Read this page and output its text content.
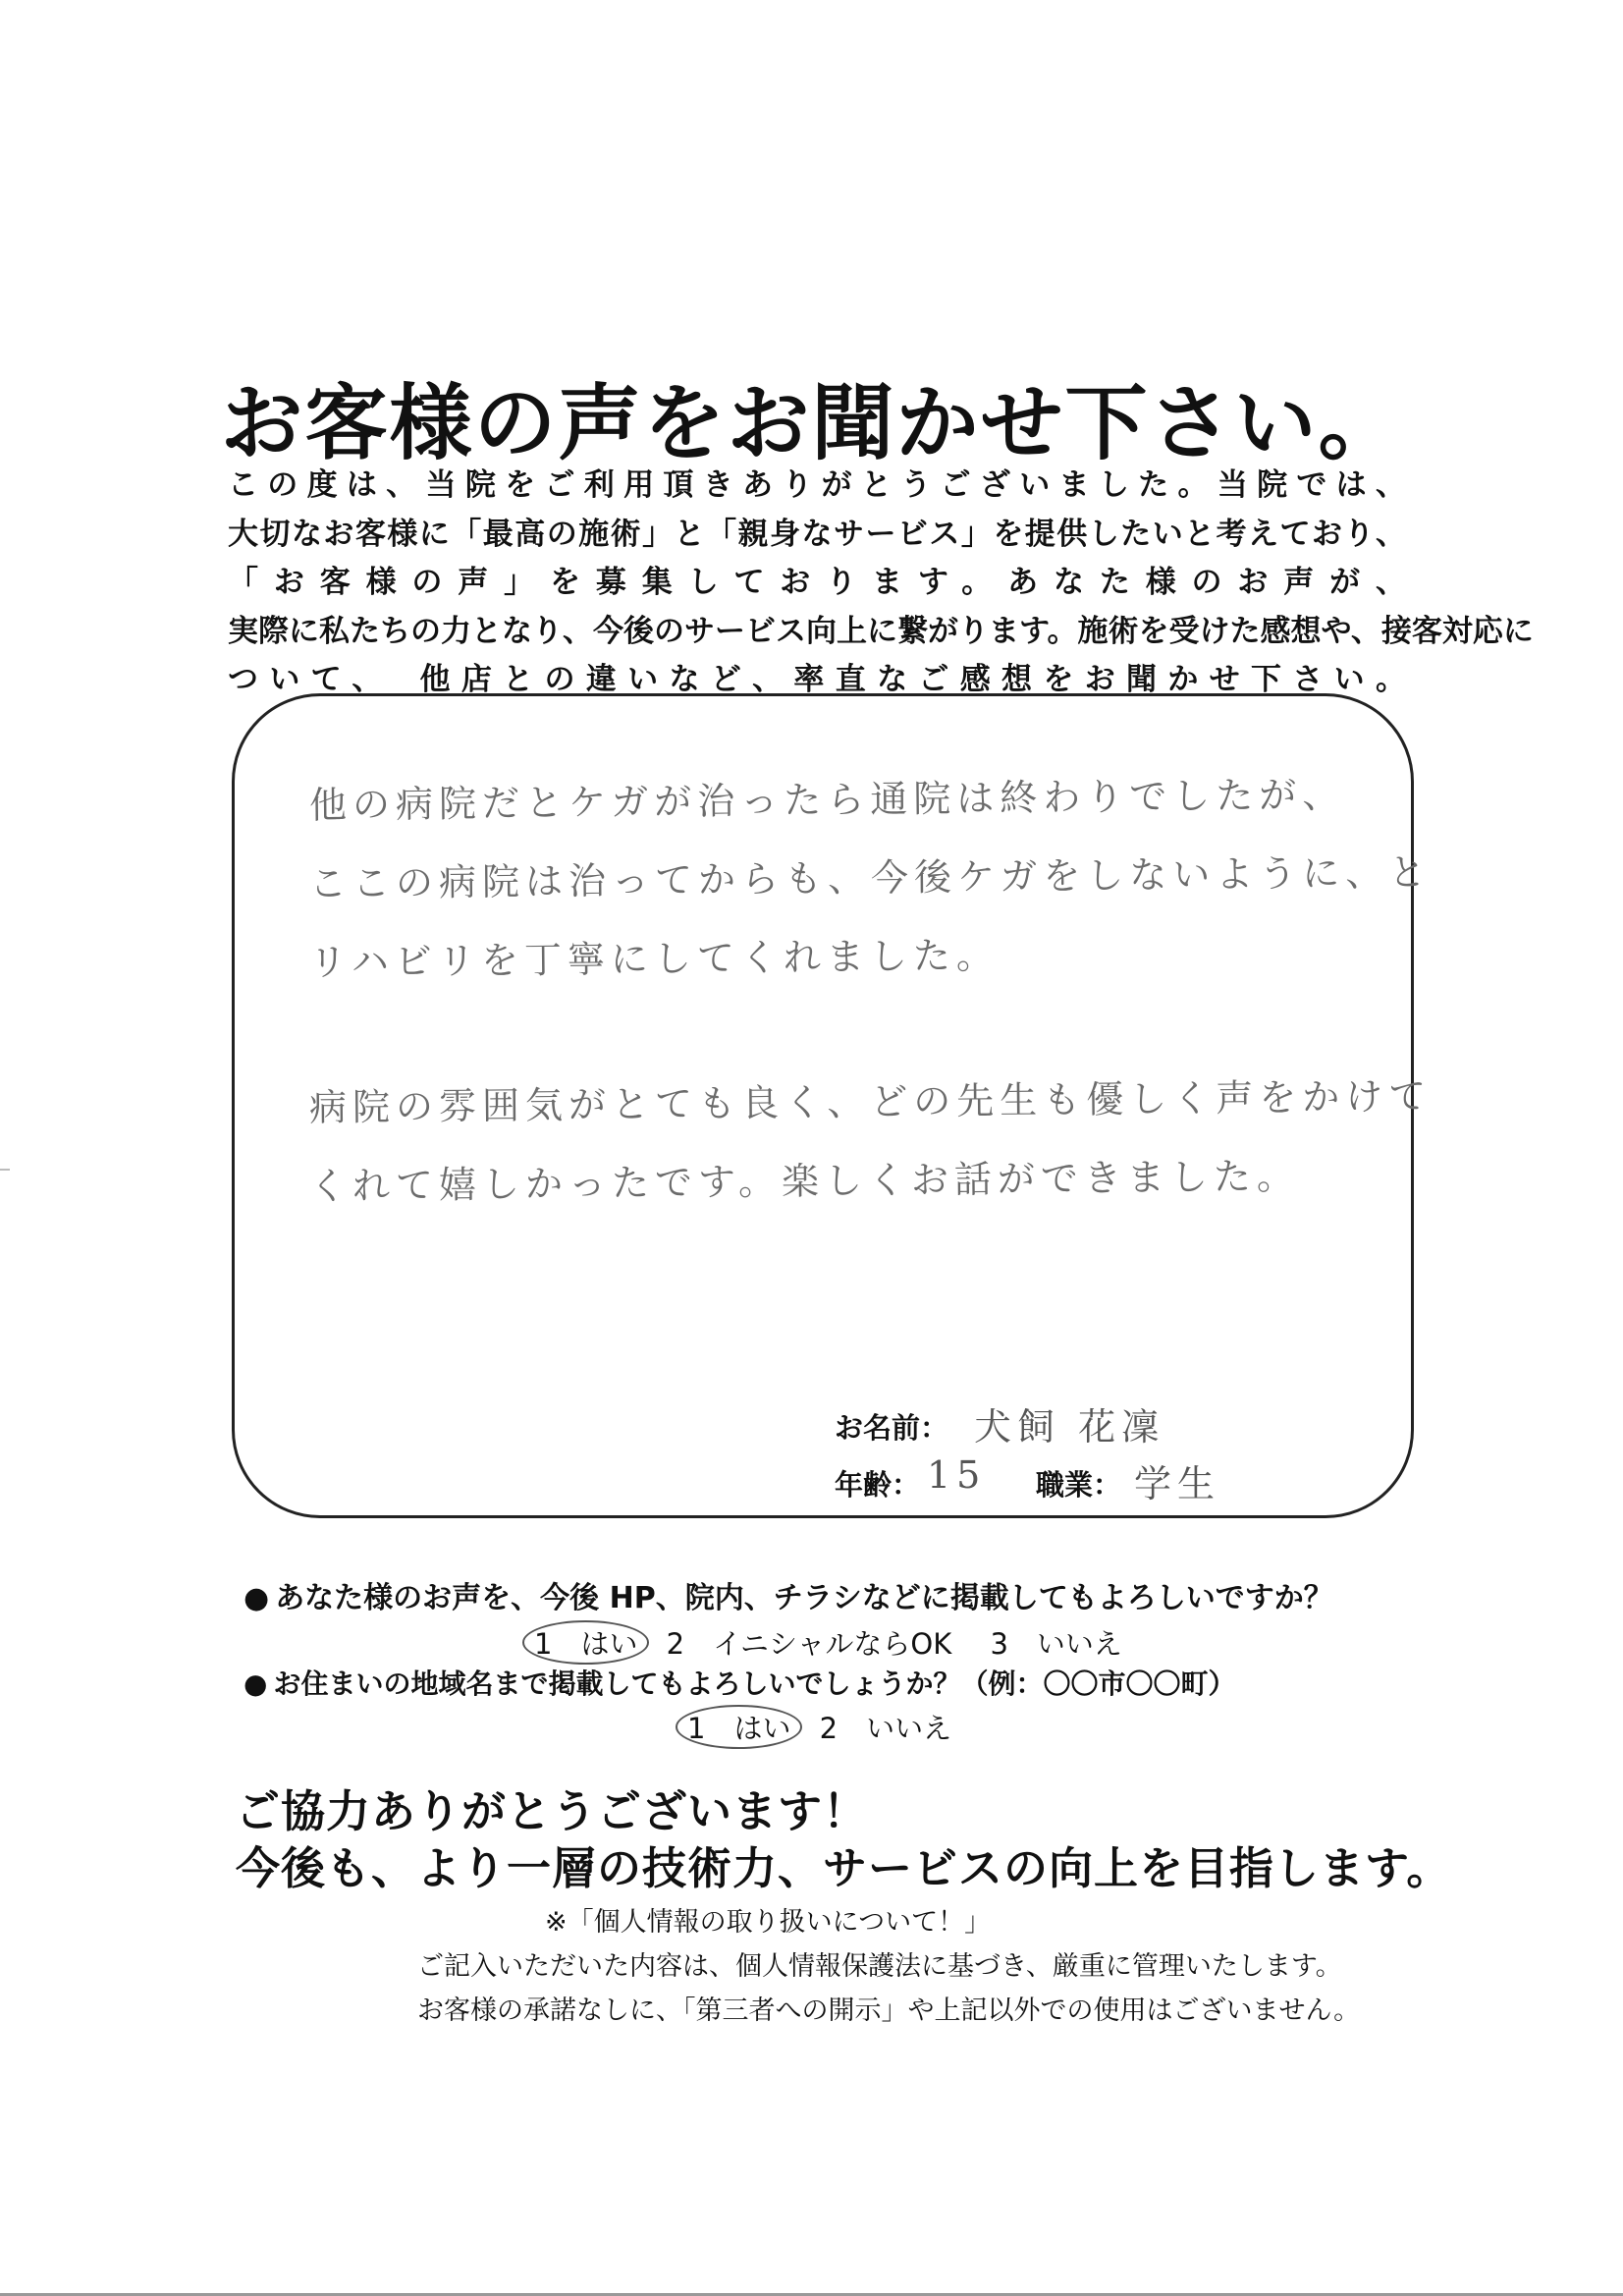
お客様の声をお聞かせ下さい。
この度は、当院をご利用頂きありがとうございました。当院では、
大切なお客様に「最高の施術」と「親身なサービス」を提供したいと考えており、
「お客様の声」を募集しております。あなた様のお声が、
実際に私たちの力となり、今後のサービス向上に繋がります。施術を受けた感想や、接客対応に
ついて、　他店との違いなど、率直なご感想をお聞かせ下さい。
他の病院だとケガが治ったら通院は終わりでしたが、
ここの病院は治ってからも、今後ケガをしないように、と
リハビリを丁寧にしてくれました。
病院の雰囲気がとても良く、どの先生も優しく声をかけて
くれて嬉しかったです。楽しくお話ができました。
お名前： 犬飼 花凜
年齢： 15 職業： 学生
● あなた様のお声を、今後 HP、院内、チラシなどに掲載してもよろしいですか？
1　はい 2　イニシャルならOK 3　いいえ
● お住まいの地域名まで掲載してもよろしいでしょうか？（例：〇〇市〇〇町）
1　はい 2　いいえ
ご協力ありがとうございます！
今後も、より一層の技術力、サービスの向上を目指します。
※「個人情報の取り扱いについて！」
ご記入いただいた内容は、個人情報保護法に基づき、厳重に管理いたします。
お客様の承諾なしに、「第三者への開示」や上記以外での使用はございません。
